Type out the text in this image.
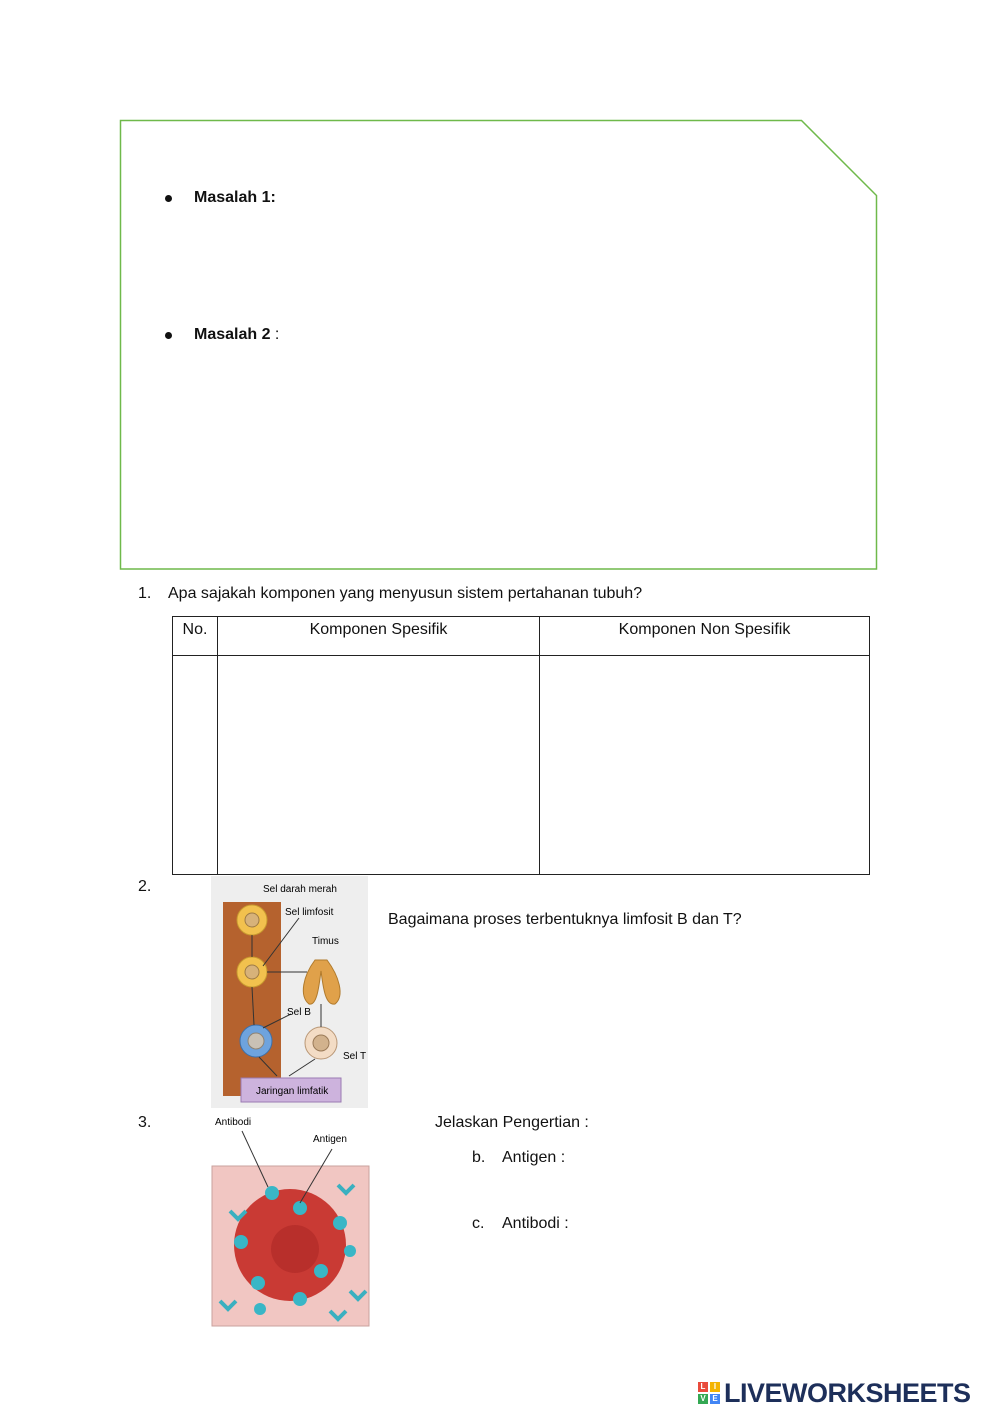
Masalah 1:
Masalah 2 :
1. Apa sajakah komponen yang menyusun sistem pertahanan tubuh?
No.	Komponen Spesifik	Komponen Non Spesifik

2.	Sel darah merah
Sel limfosit
Timus
Sel B
Sel T
Jaringan limfatik
Bagaimana proses terbentuknya limfosit B dan T?
3.	Antibodi
Antigen
Jelaskan Pengertian :
b. Antigen :
c. Antibodi :
L	I
V E LIVEWORKSHEETS
